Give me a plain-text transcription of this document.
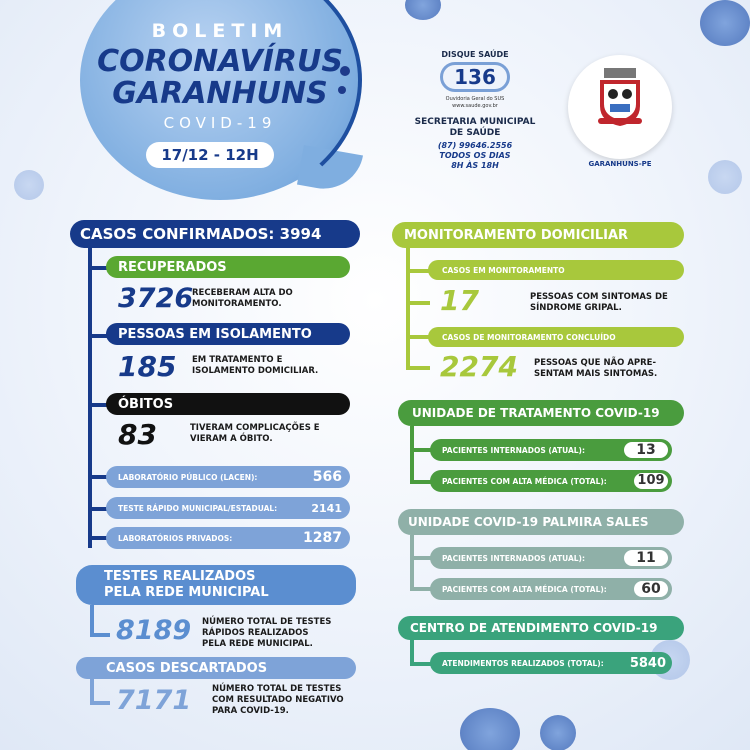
BOLETIM
CORONAVÍRUS
GARANHUNS
COVID-19
17/12 - 12H
DISQUE SAÚDE
136
Ouvidoria Geral do SUS
www.saude.gov.br
SECRETARIA MUNICIPAL
DE SAÚDE
(87) 99646.2556
TODOS OS DIAS
8H ÀS 18H	GARANHUNS-PE
CASOS CONFIRMADOS: 3994
RECUPERADOS
3726
RECEBERAM ALTA DO
MONITORAMENTO.
PESSOAS EM ISOLAMENTO
185 EM TRATAMENTO E
ISOLAMENTO DOMICILIAR.
ÓBITOS
83	TIVERAM COMPLICAÇÕES E
VIERAM A ÓBITO.
LABORATÓRIO PÚBLICO (LACEN):	566
TESTE RÁPIDO MUNICIPAL/ESTADUAL:	2141
LABORATÓRIOS PRIVADOS:	1287
TESTES REALIZADOS
PELA REDE MUNICIPAL
8189 NÚMERO TOTAL DE TESTES
RÁPIDOS REALIZADOS
PELA REDE MUNICIPAL.
CASOS DESCARTADOS
7171 NÚMERO TOTAL DE TESTES
COM RESULTADO NEGATIVO
PARA COVID-19.
MONITORAMENTO DOMICILIAR
CASOS EM MONITORAMENTO
17	PESSOAS COM SINTOMAS DE
SÍNDROME GRIPAL.
CASOS DE MONITORAMENTO CONCLUÍDO
2274 PESSOAS QUE NÃO APRE-
SENTAM MAIS SINTOMAS.
UNIDADE DE TRATAMENTO COVID-19
PACIENTES INTERNADOS (ATUAL):	13
PACIENTES COM ALTA MÉDICA (TOTAL): 109
UNIDADE COVID-19 PALMIRA SALES
PACIENTES INTERNADOS (ATUAL):	11
PACIENTES COM ALTA MÉDICA (TOTAL):	60
CENTRO DE ATENDIMENTO COVID-19
ATENDIMENTOS REALIZADOS (TOTAL): 5840
